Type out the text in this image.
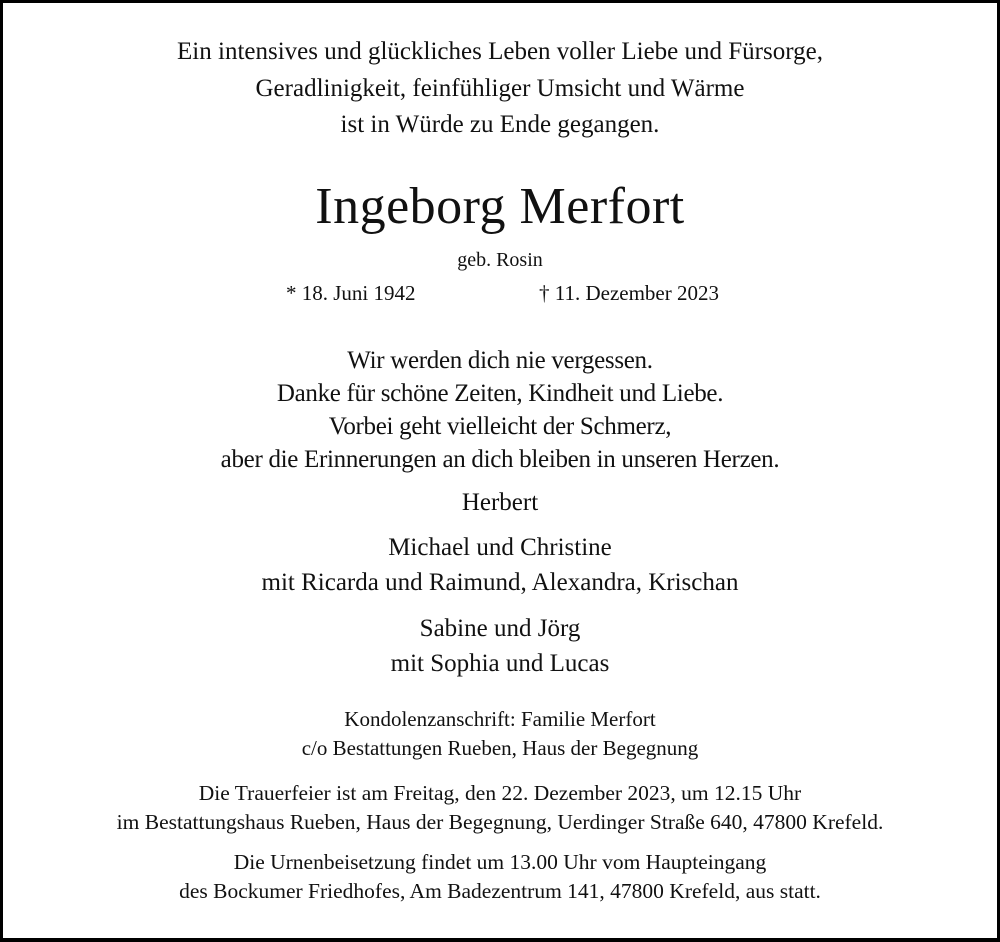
Ein intensives und glückliches Leben voller Liebe und Fürsorge,
Geradlinigkeit, feinfühliger Umsicht und Wärme
ist in Würde zu Ende gegangen.
Ingeborg Merfort
geb. Rosin
* 18. Juni 1942	† 11. Dezember 2023
Wir werden dich nie vergessen.
Danke für schöne Zeiten, Kindheit und Liebe.
Vorbei geht vielleicht der Schmerz,
aber die Erinnerungen an dich bleiben in unseren Herzen.
Herbert
Michael und Christine
mit Ricarda und Raimund, Alexandra, Krischan
Sabine und Jörg
mit Sophia und Lucas
Kondolenzanschrift: Familie Merfort
c/o Bestattungen Rueben, Haus der Begegnung
Die Trauerfeier ist am Freitag, den 22. Dezember 2023, um 12.15 Uhr
im Bestattungshaus Rueben, Haus der Begegnung, Uerdinger Straße 640, 47800 Krefeld.
Die Urnenbeisetzung findet um 13.00 Uhr vom Haupteingang
des Bockumer Friedhofes, Am Badezentrum 141, 47800 Krefeld, aus statt.
